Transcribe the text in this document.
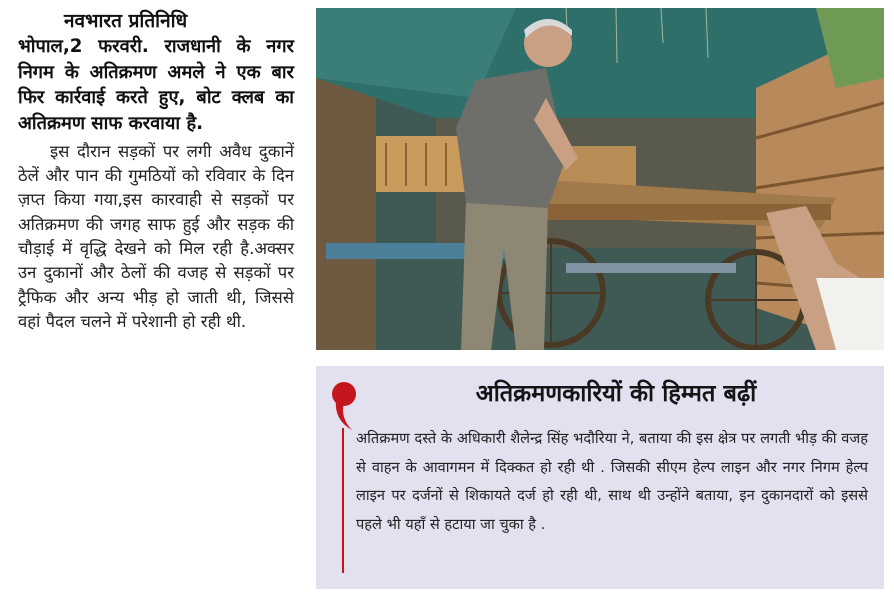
नवभारत प्रतिनिधि

भोपाल,2 फरवरी. राजधानी के नगर निगम के अतिक्रमण अमले ने एक बार फिर कार्रवाई करते हुए, बोट क्लब का अतिक्रमण साफ करवाया है.

इस दौरान सड़कों पर लगी अवैध दुकानें ठेलें और पान की गुमठियों को रविवार के दिन ज़प्त किया गया,इस कारवाही से सड़कों पर अतिक्रमण की जगह साफ हुई और सड़क की चौड़ाई में वृद्धि देखने को मिल रही है.अक्सर उन दुकानों और ठेलों की वजह से सड़कों पर ट्रैफिक और अन्य भीड़ हो जाती थी, जिससे वहां पैदल चलने में परेशानी हो रही थी.

अतिक्रमणकारियों की हिम्मत बढ़ीं

अतिक्रमण दस्ते के अधिकारी शैलेन्द्र सिंह भदौरिया ने, बताया की इस क्षेत्र पर लगती भीड़ की वजह से वाहन के आवागमन में दिक्कत हो रही थी . जिसकी सीएम हेल्प लाइन और नगर निगम हेल्प लाइन पर दर्जनों से शिकायते दर्ज हो रही थी, साथ थी उन्होंने बताया, इन दुकानदारों को इससे पहले भी यहाँ से हटाया जा चुका है .
